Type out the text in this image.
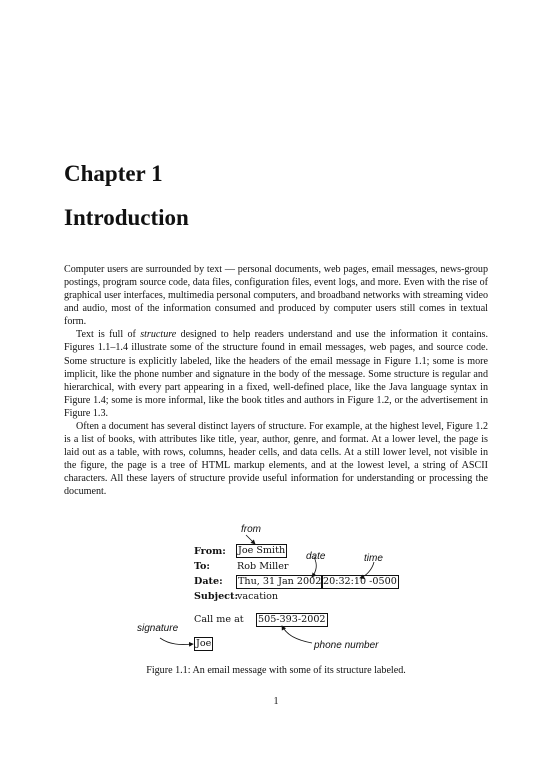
Chapter 1
Introduction

Computer users are surrounded by text — personal documents, web pages, email messages, news-group postings, program source code, data files, configuration files, event logs, and more. Even with the rise of graphical user interfaces, multimedia personal computers, and broadband networks with streaming video and audio, most of the information consumed and produced by computer users still comes in textual form.

Text is full of structure designed to help readers understand and use the information it contains. Figures 1.1–1.4 illustrate some of the structure found in email messages, web pages, and source code. Some structure is explicitly labeled, like the headers of the email message in Figure 1.1; some is more implicit, like the phone number and signature in the body of the message. Some structure is regular and hierarchical, with every part appearing in a fixed, well-defined place, like the Java language syntax in Figure 1.4; some is more informal, like the book titles and authors in Figure 1.2, or the advertisement in Figure 1.3.

Often a document has several distinct layers of structure. For example, at the highest level, Figure 1.2 is a list of books, with attributes like title, year, author, genre, and format. At a lower level, the page is laid out as a table, with rows, columns, header cells, and data cells. At a still lower level, not visible in the figure, the page is a tree of HTML markup elements, and at the lowest level, a string of ASCII characters. All these layers of structure provide useful information for understanding or processing the document.

from
date	time
signature
phone number
From: Joe Smith
To:	Rob Miller
Date: Thu, 31 Jan 2002 20:32:10 -0500
Subject:
vacation
Call me at 505-393-2002
Joe
Figure 1.1: An email message with some of its structure labeled.
1
